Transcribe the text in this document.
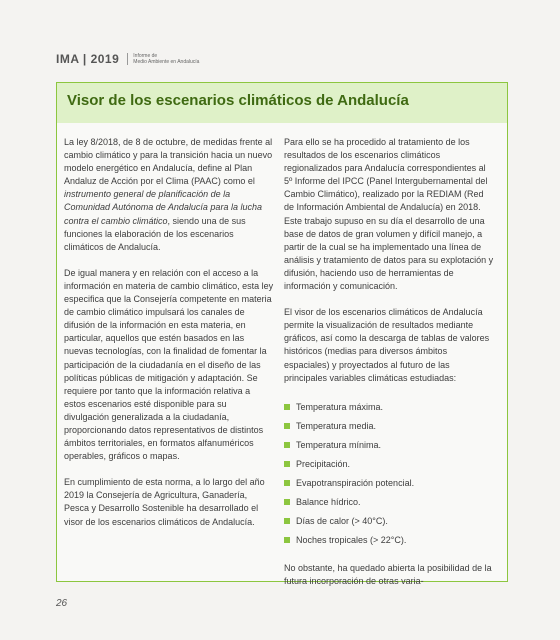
IMA | 2019	Informe de
Medio Ambiente en Andalucía
Visor de los escenarios climáticos de Andalucía

La ley 8/2018, de 8 de octubre, de medidas frente al cambio climático y para la transición hacia un nuevo modelo energético en Andalucía, define al Plan Andaluz de Acción por el Clima (PAAC) como el instrumento general de planificación de la Comunidad Autónoma de Andalucía para la lucha contra el cambio climático, siendo una de sus funciones la elaboración de los escenarios climáticos de Andalucía.

De igual manera y en relación con el acceso a la información en materia de cambio climático, esta ley especifica que la Consejería competente en materia de cambio climático impulsará los canales de difusión de la información en esta materia, en particular, aquellos que estén basados en las nuevas tecnologías, con la finalidad de fomentar la participación de la ciudadanía en el diseño de las políticas públicas de mitigación y adaptación. Se requiere por tanto que la información relativa a estos escenarios esté disponible para su divulgación generalizada a la ciudadanía, proporcionando datos representativos de distintos ámbitos territoriales, en formatos alfanuméricos operables, gráficos o mapas.

En cumplimiento de esta norma, a lo largo del año 2019 la Consejería de Agricultura, Ganadería, Pesca y Desarrollo Sostenible ha desarrollado el visor de los escenarios climáticos de Andalucía.

Para ello se ha procedido al tratamiento de los resultados de los escenarios climáticos regionalizados para Andalucía correspondientes al 5º Informe del IPCC (Panel Intergubernamental del Cambio Climático), realizado por la REDIAM (Red de Información Ambiental de Andalucía) en 2018. Este trabajo supuso en su día el desarrollo de una base de datos de gran volumen y difícil manejo, a partir de la cual se ha implementado una línea de análisis y tratamiento de datos para su explotación y difusión, haciendo uso de herramientas de información y comunicación.

El visor de los escenarios climáticos de Andalucía permite la visualización de resultados mediante gráficos, así como la descarga de tablas de valores históricos (medias para diversos ámbitos espaciales) y proyectados al futuro de las principales variables climáticas estudiadas:

Temperatura máxima.
Temperatura media.
Temperatura mínima.
Precipitación.
Evapotranspiración potencial.
Balance hídrico.
Días de calor (> 40°C).
Noches tropicales (> 22°C).

No obstante, ha quedado abierta la posibilidad de la futura incorporación de otras varia-

26
